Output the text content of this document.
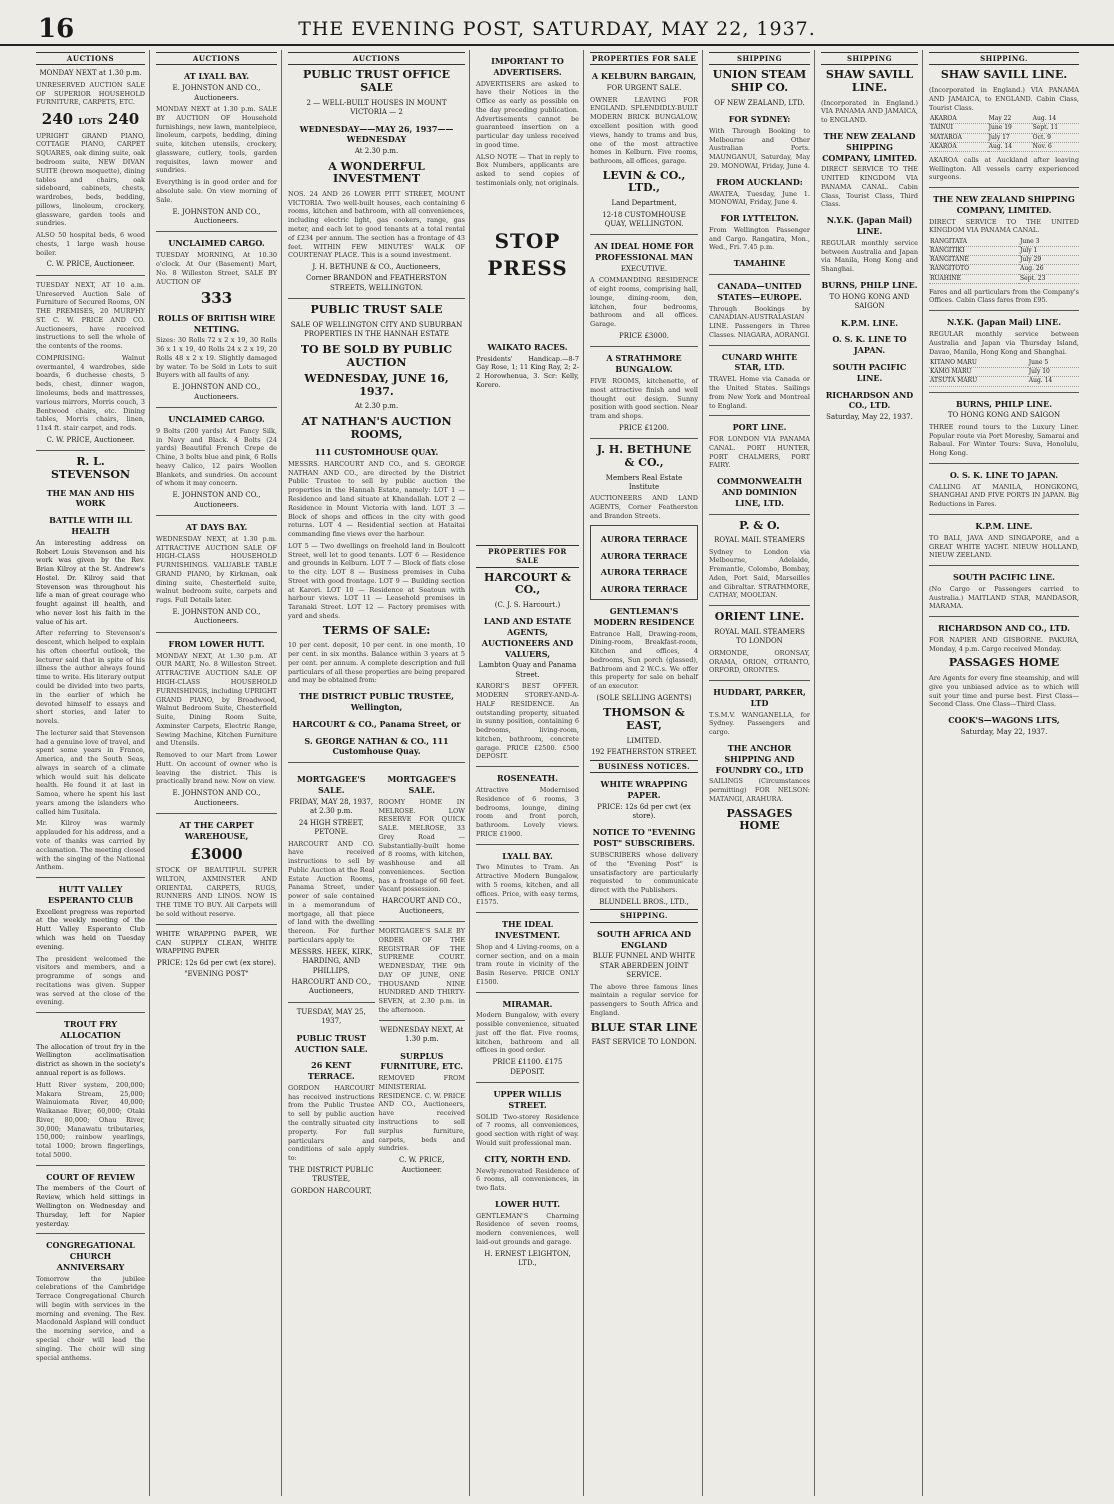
16	THE EVENING POST, SATURDAY, MAY 22, 1937.
AUCTIONS
MONDAY NEXT at 1.30 p.m.

UNRESERVED AUCTION SALE OF SUPERIOR HOUSEHOLD FURNITURE, CARPETS, ETC.

240 LOTS 240

UPRIGHT GRAND PIANO, COTTAGE PIANO, CARPET SQUARES, oak dining suite, oak bedroom suite, NEW DIVAN SUITE (brown moquette), dining tables and chairs, oak sideboard, cabinets, chests, wardrobes, beds, bedding, pillows, linoleum, crockery, glassware, garden tools and sundries.

ALSO 50 hospital beds, 6 wood chests, 1 large wash house boiler.

C. W. PRICE, Auctioneer.

TUESDAY NEXT, AT 10 a.m. Unreserved Auction Sale of Furniture of Secured Rooms, ON THE PREMISES, 20 MURPHY ST. C. W. PRICE AND CO. Auctioneers, have received instructions to sell the whole of the contents of the rooms.

COMPRISING: Walnut overmantel, 4 wardrobes, side boards, 6 duchesse chests, 5 beds, chest, dinner wagon, linoleums, beds and mattresses, various mirrors, Morris couch, 3 Bentwood chairs, etc. Dining tables, Morris chairs, linen, 11x4 ft. stair carpet, and rods.

C. W. PRICE, Auctioneer.
R. L. STEVENSON
THE MAN AND HIS WORK
BATTLE WITH ILL HEALTH

An interesting address on Robert Louis Stevenson and his work was given by the Rev. Brian Kilroy at the St. Andrew's Hostel. Dr. Kilroy said that Stevenson was throughout his life a man of great courage who fought against ill health, and who never lost his faith in the value of his art.

After referring to Stevenson's descent, which helped to explain his often cheerful outlook, the lecturer said that in spite of his illness the author always found time to write. His literary output could be divided into two parts, in the earlier of which he devoted himself to essays and short stories, and later to novels.

The lecturer said that Stevenson had a genuine love of travel, and spent some years in France, America, and the South Seas, always in search of a climate which would suit his delicate health. He found it at last in Samoa, where he spent his last years among the islanders who called him Tusitala.

Mr. Kilroy was warmly applauded for his address, and a vote of thanks was carried by acclamation. The meeting closed with the singing of the National Anthem.

HUTT VALLEY ESPERANTO CLUB

Excellent progress was reported at the weekly meeting of the Hutt Valley Esperanto Club which was held on Tuesday evening.

The president welcomed the visitors and members, and a programme of songs and recitations was given. Supper was served at the close of the evening.

TROUT FRY ALLOCATION

The allocation of trout fry in the Wellington acclimatisation district as shown in the society's annual report is as follows.

Hutt River system, 200,000; Makara Stream, 25,000; Wainuiomata River, 40,000; Waikanae River, 60,000; Otaki River, 80,000; Ohau River, 30,000; Manawatu tributaries, 150,000; rainbow yearlings, total 1000; brown fingerlings, total 5000.

COURT OF REVIEW

The members of the Court of Review, which held sittings in Wellington on Wednesday and Thursday, left for Napier yesterday.

CONGREGATIONAL CHURCH ANNIVERSARY

Tomorrow the jubilee celebrations of the Cambridge Terrace Congregational Church will begin with services in the morning and evening. The Rev. Macdonald Aspland will conduct the morning service, and a special choir will lead the singing. The choir will sing special anthems.

AUCTIONS
AT LYALL BAY.
E. JOHNSTON AND CO., Auctioneers.

MONDAY NEXT at 1.30 p.m. SALE BY AUCTION OF Household furnishings, new lawn, mantelpiece, linoleum, carpets, bedding, dining suite, kitchen utensils, crockery, glassware, cutlery, tools, garden requisites, lawn mower and sundries.

Everything is in good order and for absolute sale. On view morning of Sale.

E. JOHNSTON AND CO., Auctioneers.
UNCLAIMED CARGO.

TUESDAY MORNING, At 10.30 o'clock. At Our (Basement) Mart, No. 8 Willeston Street, SALE BY AUCTION OF

333
ROLLS OF BRITISH WIRE NETTING.

Sizes: 30 Rolls 72 x 2 x 19, 30 Rolls 36 x 1 x 19, 40 Rolls 24 x 2 x 19, 20 Rolls 48 x 2 x 19. Slightly damaged by water. To be Sold in Lots to suit Buyers with all faults of any.

E. JOHNSTON AND CO., Auctioneers.
UNCLAIMED CARGO.

9 Bolts (200 yards) Art Fancy Silk, in Navy and Black. 4 Bolts (24 yards) Beautiful French Crepe de Chine, 3 bolts blue and pink, 6 Rolls heavy Calico, 12 pairs Woollen Blankets, and sundries. On account of whom it may concern.

E. JOHNSTON AND CO., Auctioneers.
AT DAYS BAY.

WEDNESDAY NEXT, at 1.30 p.m. ATTRACTIVE AUCTION SALE OF HIGH-CLASS HOUSEHOLD FURNISHINGS. VALUABLE TABLE GRAND PIANO, by Kirkman, oak dining suite, Chesterfield suite, walnut bedroom suite, carpets and rugs. Full Details later.

E. JOHNSTON AND CO., Auctioneers.
FROM LOWER HUTT.

MONDAY NEXT, At 1.30 p.m. AT OUR MART, No. 8 Willeston Street. ATTRACTIVE AUCTION SALE OF HIGH-CLASS HOUSEHOLD FURNISHINGS, including UPRIGHT GRAND PIANO, by Broadwood, Walnut Bedroom Suite, Chesterfield Suite, Dining Room Suite, Axminster Carpets, Electric Range, Sewing Machine, Kitchen Furniture and Utensils.

Removed to our Mart from Lower Hutt. On account of owner who is leaving the district. This is practically brand new. Now on view.

E. JOHNSTON AND CO., Auctioneers.
AT THE CARPET WAREHOUSE,
£3000

STOCK OF BEAUTIFUL SUPER WILTON, AXMINSTER AND ORIENTAL CARPETS, RUGS, RUNNERS AND LINOS. NOW IS THE TIME TO BUY. All Carpets will be sold without reserve.

WHITE WRAPPING PAPER, WE CAN SUPPLY CLEAN, WHITE WRAPPING PAPER

PRICE: 12s 6d per cwt (ex store).
"EVENING POST"
AUCTIONS
PUBLIC TRUST OFFICE SALE
2 — WELL-BUILT HOUSES IN MOUNT VICTORIA — 2
WEDNESDAY——MAY 26, 1937——WEDNESDAY
At 2.30 p.m.
A WONDERFUL INVESTMENT

NOS. 24 AND 26 LOWER PITT STREET, MOUNT VICTORIA. Two well-built houses, each containing 6 rooms, kitchen and bathroom, with all conveniences, including electric light, gas cookers, range, gas meter, and each let to good tenants at a total rental of £234 per annum. The section has a frontage of 43 feet. WITHIN FEW MINUTES' WALK OF COURTENAY PLACE. This is a sound investment.

J. H. BETHUNE & CO., Auctioneers,
Corner BRANDON and FEATHERSTON STREETS, WELLINGTON.
PUBLIC TRUST SALE
SALE OF WELLINGTON CITY AND SUBURBAN PROPERTIES IN THE HANNAH ESTATE
TO BE SOLD BY PUBLIC AUCTION
WEDNESDAY, JUNE 16, 1937.
At 2.30 p.m.
AT NATHAN'S AUCTION ROOMS,
111 CUSTOMHOUSE QUAY.

MESSRS. HARCOURT AND CO., and S. GEORGE NATHAN AND CO., are directed by the District Public Trustee to sell by public auction the properties in the Hannah Estate, namely: LOT 1 — Residence and land situate at Khandallah. LOT 2 — Residence in Mount Victoria with land. LOT 3 — Block of shops and offices in the city with good returns. LOT 4 — Residential section at Hataitai commanding fine views over the harbour.

LOT 5 — Two dwellings on freehold land in Boulcott Street, well let to good tenants. LOT 6 — Residence and grounds in Kelburn. LOT 7 — Block of flats close to the city. LOT 8 — Business premises in Cuba Street with good frontage. LOT 9 — Building section at Karori. LOT 10 — Residence at Seatoun with harbour views. LOT 11 — Leasehold premises in Taranaki Street. LOT 12 — Factory premises with yard and sheds.

TERMS OF SALE:

10 per cent. deposit, 10 per cent. in one month, 10 per cent. in six months. Balance within 3 years at 5 per cent. per annum. A complete description and full particulars of all these properties are being prepared and may be obtained from:

THE DISTRICT PUBLIC TRUSTEE, Wellington,
HARCOURT & CO., Panama Street, or
S. GEORGE NATHAN & CO., 111 Customhouse Quay.
MORTGAGEE'S SALE.
FRIDAY, MAY 28, 1937, at 2.30 p.m.
24 HIGH STREET, PETONE.

HARCOURT AND CO. have received instructions to sell by Public Auction at the Real Estate Auction Rooms, Panama Street, under power of sale contained in a memorandum of mortgage, all that piece of land with the dwelling thereon. For further particulars apply to:

MESSRS. HEEK, KIRK, HARDING, AND PHILLIPS,
HARCOURT AND CO., Auctioneers,
TUESDAY, MAY 25, 1937,
PUBLIC TRUST AUCTION SALE.
26 KENT TERRACE.

GORDON HARCOURT has received instructions from the Public Trustee to sell by public auction the centrally situated city property. For full particulars and conditions of sale apply to:

THE DISTRICT PUBLIC TRUSTEE,
GORDON HARCOURT,
MORTGAGEE'S SALE.

ROOMY HOME IN MELROSE. LOW RESERVE FOR QUICK SALE. MELROSE, 33 Grey Road — Substantially-built home of 8 rooms, with kitchen, washhouse and all conveniences. Section has a frontage of 60 feet. Vacant possession.

HARCOURT AND CO., Auctioneers,

MORTGAGEE'S SALE BY ORDER OF THE REGISTRAR OF THE SUPREME COURT. WEDNESDAY, THE 9th DAY OF JUNE, ONE THOUSAND NINE HUNDRED AND THIRTY-SEVEN, at 2.30 p.m. in the afternoon.

WEDNESDAY NEXT, At 1.30 p.m.
SURPLUS FURNITURE, ETC.

REMOVED FROM MINISTERIAL RESIDENCE. C. W. PRICE AND CO., Auctioneers, have received instructions to sell surplus furniture, carpets, beds and sundries.

C. W. PRICE, Auctioneer.
IMPORTANT TO ADVERTISERS.

ADVERTISERS are asked to have their Notices in the Office as early as possible on the day preceding publication. Advertisements cannot be guaranteed insertion on a particular day unless received in good time.

ALSO NOTE — That in reply to Box Numbers, applicants are asked to send copies of testimonials only, not originals.

STOP PRESS
WAIKATO RACES.

Presidents' Handicap.—8-7 Gay Rose, 1; 11 King Ray, 2; 2-2 Horowhenua, 3. Scr: Kelly, Korero.

PROPERTIES FOR SALE
HARCOURT & CO.,
(C. J. S. Harcourt.)
LAND AND ESTATE AGENTS, AUCTIONEERS AND VALUERS,
Lambton Quay and Panama Street.

KARORI'S BEST OFFER. MODERN STOREY-AND-A-HALF RESIDENCE. An outstanding property, situated in sunny position, containing 6 bedrooms, living-room, kitchen, bathroom, concrete garage. PRICE £2500. £500 DEPOSIT.

ROSENEATH.

Attractive Modernised Residence of 6 rooms, 3 bedrooms, lounge, dining room and front porch, bathroom. Lovely views. PRICE £1900.

LYALL BAY.

Two Minutes to Tram. An Attractive Modern Bungalow, with 5 rooms, kitchen, and all offices. Price, with easy terms, £1575.

THE IDEAL INVESTMENT.

Shop and 4 Living-rooms, on a corner section, and on a main tram route in vicinity of the Basin Reserve. PRICE ONLY £1500.

MIRAMAR.

Modern Bungalow, with every possible convenience, situated just off the flat. Five rooms, kitchen, bathroom and all offices in good order.

PRICE £1100. £175 DEPOSIT.
UPPER WILLIS STREET.

SOLID Two-storey Residence of 7 rooms, all conveniences, good section with right of way. Would suit professional man.

CITY, NORTH END.

Newly-renovated Residence of 6 rooms, all conveniences, in two flats.

LOWER HUTT.

GENTLEMAN'S Charming Residence of seven rooms, modern conveniences, well laid-out grounds and garage.

H. ERNEST LEIGHTON, LTD.,
PROPERTIES FOR SALE
A KELBURN BARGAIN,
FOR URGENT SALE.

OWNER LEAVING FOR ENGLAND. SPLENDIDLY-BUILT MODERN BRICK BUNGALOW, excellent position with good views, handy to trams and bus, one of the most attractive homes in Kelburn. Five rooms, bathroom, all offices, garage.

LEVIN & CO., LTD.,
Land Department,
12-18 CUSTOMHOUSE QUAY, WELLINGTON.
AN IDEAL HOME FOR PROFESSIONAL MAN
EXECUTIVE.

A COMMANDING RESIDENCE of eight rooms, comprising hall, lounge, dining-room, den, kitchen, four bedrooms, bathroom and all offices. Garage.

PRICE £3000.
A STRATHMORE BUNGALOW.

FIVE ROOMS, kitchenette, of most attractive finish and well thought out design. Sunny position with good section. Near tram and shops.

PRICE £1200.
J. H. BETHUNE & CO.,
Members Real Estate Institute

AUCTIONEERS AND LAND AGENTS, Corner Featherston and Brandon Streets.

AURORA TERRACE
AURORA TERRACE
AURORA TERRACE
AURORA TERRACE
GENTLEMAN'S MODERN RESIDENCE

Entrance Hall, Drawing-room, Dining-room, Breakfast-room, Kitchen and offices, 4 bedrooms, Sun porch (glassed), Bathroom and 2 W.C.s. We offer this property for sale on behalf of an executor.

(SOLE SELLING AGENTS)
THOMSON & EAST,
LIMITED.
192 FEATHERSTON STREET.
BUSINESS NOTICES.
WHITE WRAPPING PAPER.
PRICE: 12s 6d per cwt (ex store).
NOTICE TO "EVENING POST" SUBSCRIBERS.

SUBSCRIBERS whose delivery of the "Evening Post" is unsatisfactory are particularly requested to communicate direct with the Publishers.

BLUNDELL BROS., LTD.,
SHIPPING.
SOUTH AFRICA AND ENGLAND
BLUE FUNNEL AND WHITE STAR ABERDEEN JOINT SERVICE.

The above three famous lines maintain a regular service for passengers to South Africa and England.

BLUE STAR LINE
FAST SERVICE TO LONDON.
SHIPPING
UNION STEAM SHIP CO.
OF NEW ZEALAND, LTD.
FOR SYDNEY:

With Through Booking to Melbourne and Other Australian Ports. MAUNGANUI, Saturday, May 29. MONOWAI, Friday, June 4.

FROM AUCKLAND:

AWATEA, Tuesday, June 1. MONOWAI, Friday, June 4.

FOR LYTTELTON.

From Wellington Passenger and Cargo. Rangatira, Mon., Wed., Fri. 7.45 p.m.

TAMAHINE
CANADA—UNITED STATES—EUROPE.

Through Bookings by CANADIAN-AUSTRALASIAN LINE. Passengers in Three Classes. NIAGARA, AORANGI.

CUNARD WHITE STAR, LTD.

TRAVEL Home via Canada or the United States. Sailings from New York and Montreal to England.

PORT LINE.

FOR LONDON VIA PANAMA CANAL. PORT HUNTER, PORT CHALMERS, PORT FAIRY.

COMMONWEALTH AND DOMINION LINE, LTD.
P. & O.
ROYAL MAIL STEAMERS

Sydney to London via Melbourne, Adelaide, Fremantle, Colombo, Bombay, Aden, Port Said, Marseilles and Gibraltar. STRATHMORE, CATHAY, MOOLTAN.

ORIENT LINE.
ROYAL MAIL STEAMERS TO LONDON

ORMONDE, ORONSAY, ORAMA, ORION, OTRANTO, ORFORD, ORONTES.

HUDDART, PARKER, LTD

T.S.M.V. WANGANELLA, for Sydney. Passengers and cargo.

THE ANCHOR SHIPPING AND FOUNDRY CO., LTD

SAILINGS (Circumstances permitting) FOR NELSON: MATANGI, ARAHURA.

PASSAGES HOME
SHIPPING
SHAW SAVILL LINE.

(Incorporated in England.) VIA PANAMA AND JAMAICA, to ENGLAND.

THE NEW ZEALAND SHIPPING COMPANY, LIMITED.

DIRECT SERVICE TO THE UNITED KINGDOM VIA PANAMA CANAL. Cabin Class, Tourist Class, Third Class.

N.Y.K. (Japan Mail) LINE.

REGULAR monthly service between Australia and Japan via Manila, Hong Kong and Shanghai.

BURNS, PHILP LINE.
TO HONG KONG AND SAIGON
K.P.M. LINE.
O. S. K. LINE TO JAPAN.
SOUTH PACIFIC LINE.
RICHARDSON AND CO., LTD.
Saturday, May 22, 1937.
SHIPPING.
SHAW SAVILL LINE.

(Incorporated in England.) VIA PANAMA AND JAMAICA, to ENGLAND. Cabin Class, Tourist Class.

AKAROA	May 22	Aug. 14
TAINUI	June 19	Sept. 11
MATAROA	July 17	Oct. 9
AKAROA	Aug. 14	Nov. 6

AKAROA calls at Auckland after leaving Wellington. All vessels carry experienced surgeons.

THE NEW ZEALAND SHIPPING COMPANY, LIMITED.

DIRECT SERVICE TO THE UNITED KINGDOM VIA PANAMA CANAL.

RANGITATA	June 3
RANGITIKI	July 1
RANGITANE	July 29
RANGITOTO	Aug. 26
RUAHINE	Sept. 23

Fares and all particulars from the Company's Offices. Cabin Class fares from £95.

N.Y.K. (Japan Mail) LINE.

REGULAR monthly service between Australia and Japan via Thursday Island, Davao, Manila, Hong Kong and Shanghai.

KITANO MARU	June 5
KAMO MARU	July 10
ATSUTA MARU	Aug. 14
BURNS, PHILP LINE.
TO HONG KONG AND SAIGON

THREE round tours to the Luxury Liner. Popular route via Port Moresby, Samarai and Rabaul. For Winter Tours: Suva, Honolulu, Hong Kong.

O. S. K. LINE TO JAPAN.

CALLING AT MANILA, HONGKONG, SHANGHAI AND FIVE PORTS IN JAPAN. Big Reductions in Fares.

K.P.M. LINE.

TO BALI, JAVA AND SINGAPORE, and a GREAT WHITE YACHT. NIEUW HOLLAND, NIEUW ZEELAND.

SOUTH PACIFIC LINE.

(No Cargo or Passengers carried to Australia.) MAITLAND STAR, MANDASOR, MARAMA.

RICHARDSON AND CO., LTD.

FOR NAPIER AND GISBORNE. PAKURA, Monday, 4 p.m. Cargo received Monday.

PASSAGES HOME

Are Agents for every fine steamship, and will give you unbiased advice as to which will suit your time and purse best. First Class—Second Class. One Class—Third Class.

COOK'S—WAGONS LITS,
Saturday, May 22, 1937.
